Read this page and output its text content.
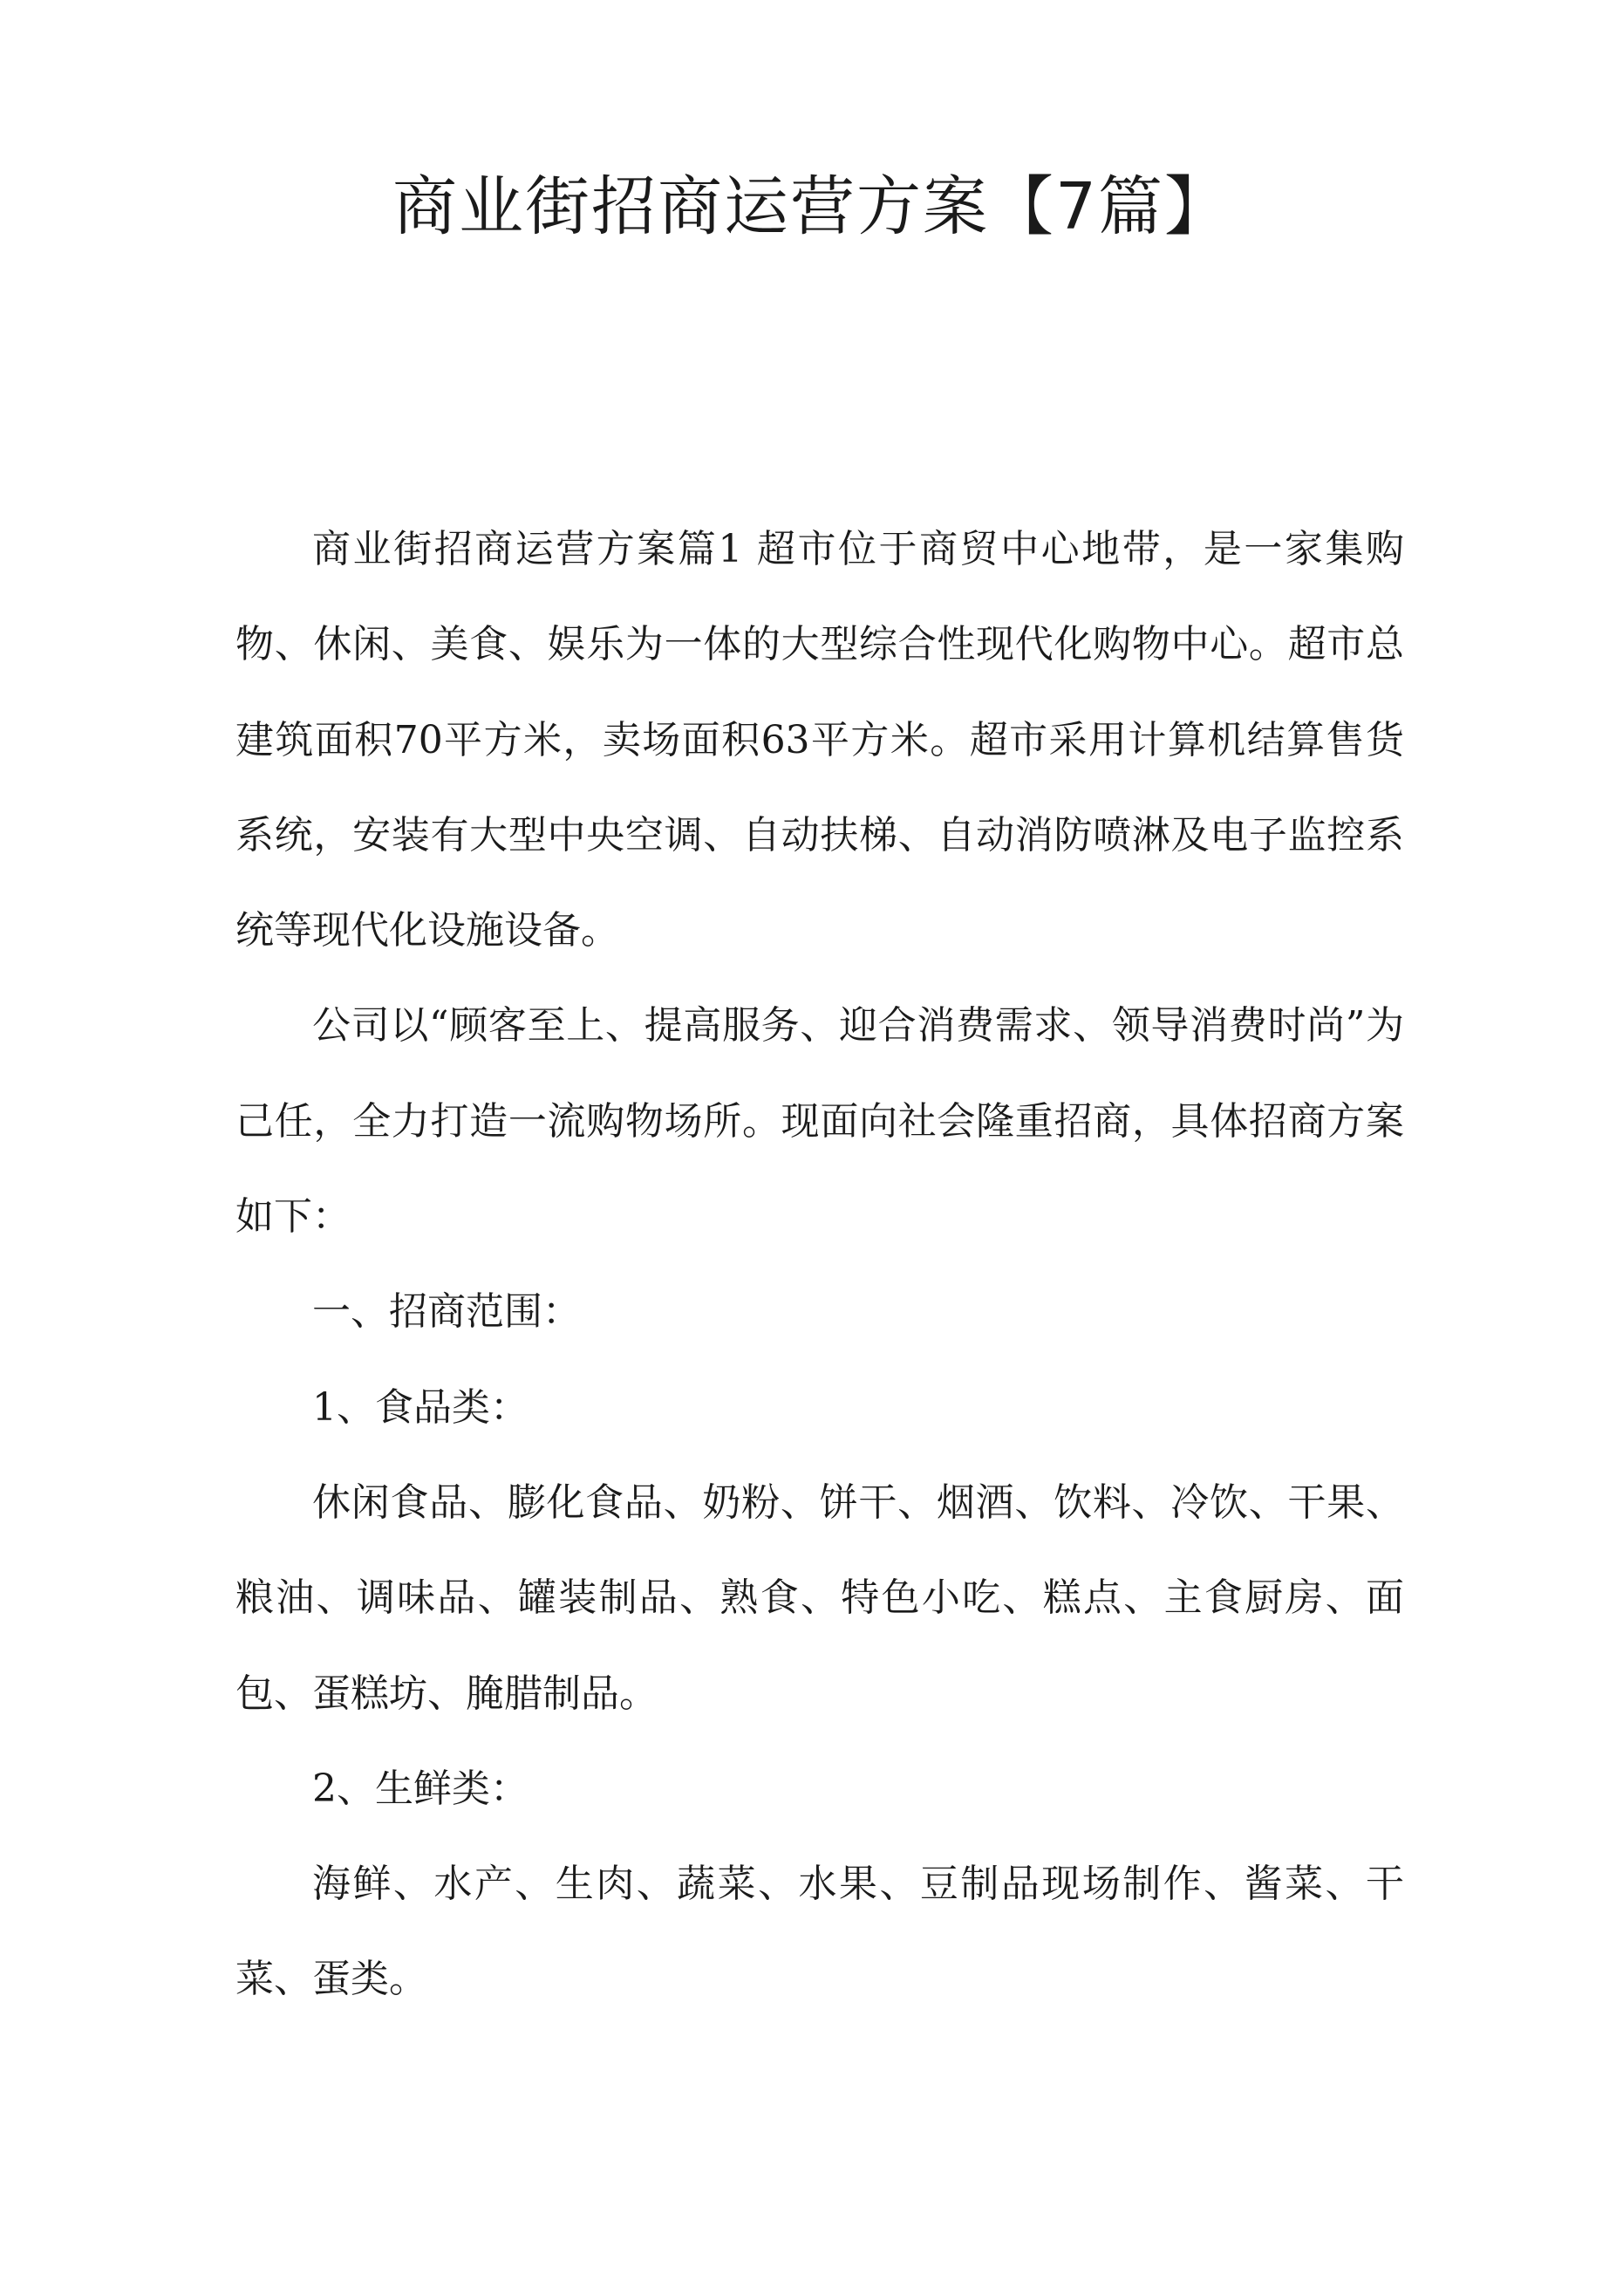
商业街招商运营方案【7篇】

商业街招商运营方案篇1 超市位于商贸中心地带，是一家集购物、休闲、美食、娱乐为一体的大型综合性现代化购物中心。超市总建筑面积70平方米，卖场面积63平方米。超市采用计算机结算售货系统，安装有大型中央空调、自动扶梯、自动消防喷淋及电子监控系统等现代化设施设备。

公司以“顾客至上、提高服务、迎合消费需求、领导消费时尚”为己任，全力打造一流购物场所。现面向社会隆重招商，具体招商方案如下：

一、招商范围：

1、食品类：

休闲食品、膨化食品、奶粉、饼干、烟酒、饮料、冷饮、干果、粮油、调味品、罐装制品、熟食、特色小吃、糕点、主食厨房、面包、蛋糕坊、腌腊制品。

2、生鲜类：

海鲜、水产、生肉、蔬菜、水果、豆制品现场制作、酱菜、干菜、蛋类。
